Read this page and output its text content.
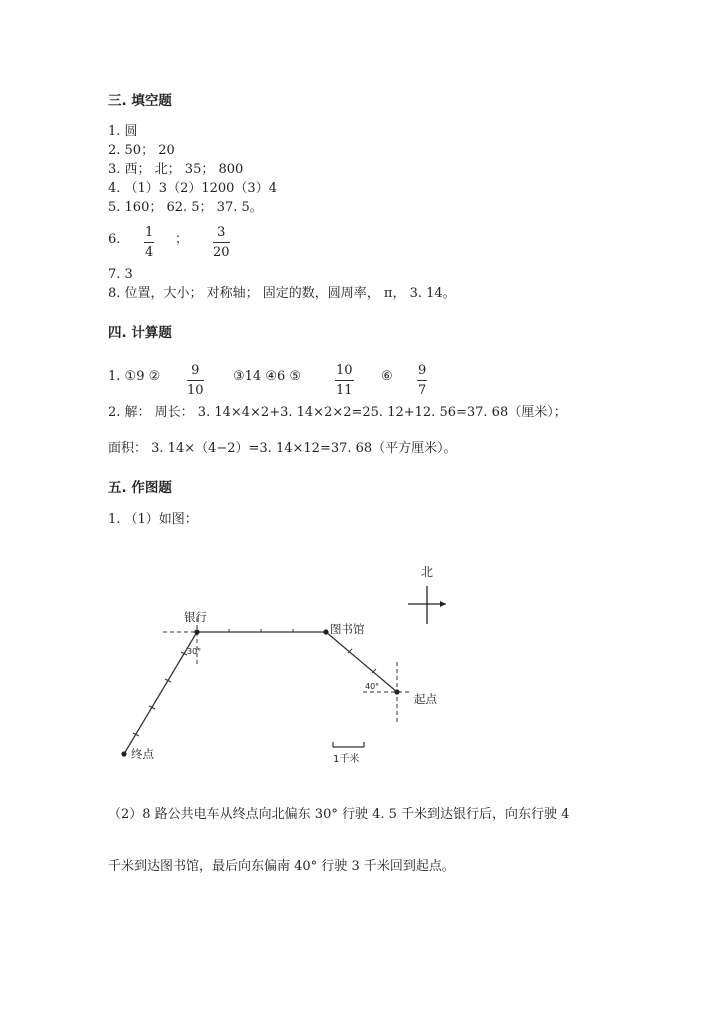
三. 填空题
1. 圆
2. 50； 20
3. 西； 北； 35； 800
4. （1）3（2）1200（3）4
5. 160； 62. 5； 37. 5。
6. $\frac{1}{4}$ ； $\frac{3}{20}$
7. 3
8. 位置，大小； 对称轴； 固定的数，圆周率， π， 3. 14。
四. 计算题
1. ①9 ② $\frac{9}{10}$ ③14 ④6 ⑤	$\frac{10}{11}$ ⑥ $\frac{9}{7}$
2. 解： 周长： 3. 14×4×2+3. 14×2×2=25. 12+12. 56=37. 68（厘米）；
面积： 3. 14×（4−2）=3. 14×12=37. 68（平方厘米）。
五. 作图题
1. （1）如图：
北
银行
图书馆
起点
终点
30°
40°
1千米
（2）8 路公共电车从终点向北偏东 30° 行驶 4. 5 千米到达银行后，向东行驶 4
千米到达图书馆，最后向东偏南 40° 行驶 3 千米回到起点。
